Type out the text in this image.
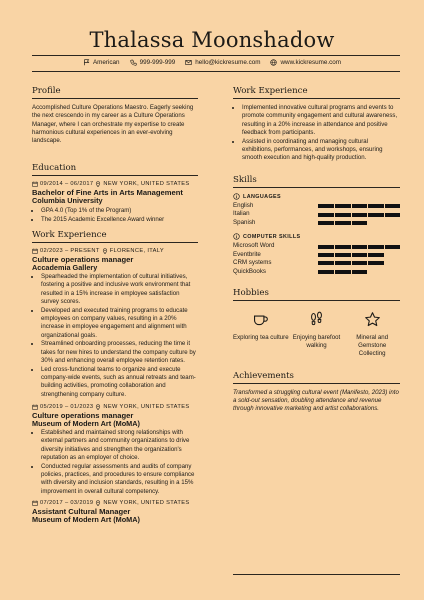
Thalassa Moonshadow
American	999-999-999	hello@kickresume.com	www.kickresume.com
Profile
Accomplished Culture Operations Maestro. Eagerly seeking the next crescendo in my career as a Culture Operations Manager, where I can orchestrate my expertise to create harmonious cultural experiences in an ever-evolving landscape.
Education
09/2014 – 06/2017 NEW YORK, UNITED STATES
Bachelor of Fine Arts in Arts Management
Columbia University
• GPA 4.0 (Top 1% of the Program)
• The 2015 Academic Excellence Award winner
Work Experience
02/2023 – PRESENT FLORENCE, ITALY
Culture operations manager
Accademia Gallery
• Spearheaded the implementation of cultural initiatives, fostering a positive and inclusive work environment that resulted in a 15% increase in employee satisfaction survey scores.
• Developed and executed training programs to educate employees on company values, resulting in a 20% increase in employee engagement and alignment with organizational goals.
• Streamlined onboarding processes, reducing the time it takes for new hires to understand the company culture by 30% and enhancing overall employee retention rates.
• Led cross-functional teams to organize and execute company-wide events, such as annual retreats and team-building activities, promoting collaboration and strengthening company culture.
05/2019 – 01/2023 NEW YORK, UNITED STATES
Culture operations manager
Museum of Modern Art (MoMA)
• Established and maintained strong relationships with external partners and community organizations to drive diversity initiatives and strengthen the organization's reputation as an employer of choice.
• Conducted regular assessments and audits of company policies, practices, and procedures to ensure compliance with diversity and inclusion standards, resulting in a 15% improvement in overall cultural competency.
07/2017 – 03/2019 NEW YORK, UNITED STATES
Assistant Cultural Manager
Museum of Modern Art (MoMA)
Work Experience
• Implemented innovative cultural programs and events to promote community engagement and cultural awareness, resulting in a 20% increase in attendance and positive feedback from participants.
• Assisted in coordinating and managing cultural exhibitions, performances, and workshops, ensuring smooth execution and high-quality production.
Skills
LANGUAGES
English
Italian
Spanish
COMPUTER SKILLS
Microsoft Word
Eventbrite
CRM systems
QuickBooks
Hobbies
Exploring tea culture Enjoying barefoot walking
Mineral and Gemstone Collecting
Achievements
Transformed a struggling cultural event (Manifesto, 2023) into a sold-out sensation, doubling attendance and revenue through innovative marketing and artist collaborations.
